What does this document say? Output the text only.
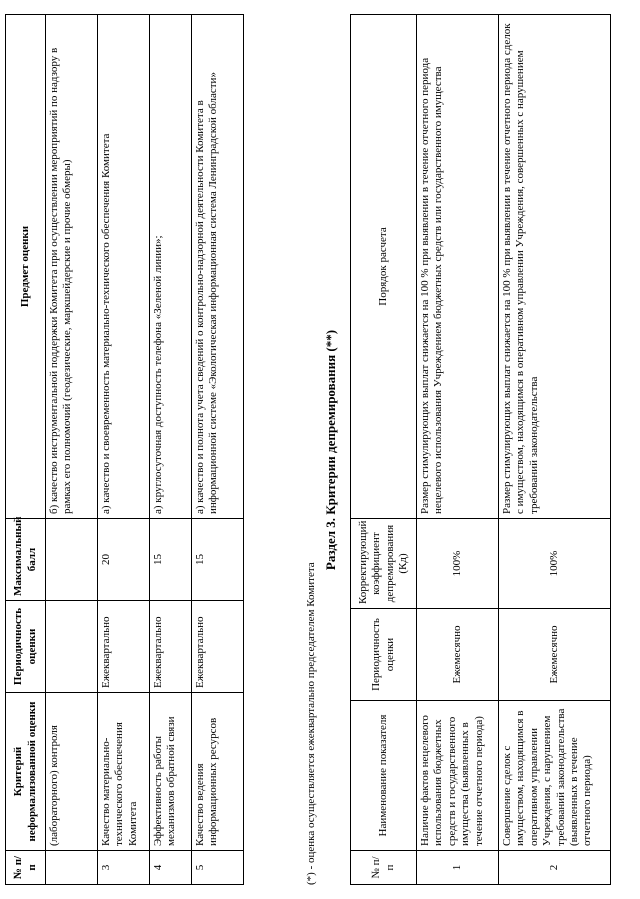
№ п/п	Критерий неформализованной оценки	Периодичность оценки	Максимальный балл	Предмет оценки
	(лабораторного) контроля			б) качество инструментальной поддержки Комитета при осуществлении мероприятий по надзору в рамках его полномочий (геодезические, маркшейдерские и прочие обмеры)
3	Качество материально-технического обеспечения Комитета	Ежеквартально	20	а) качество и своевременность материально-технического обеспечения Комитета
4	Эффективность работы механизмов обратной связи	Ежеквартально	15	а) круглосуточная доступность телефона «Зеленой линии»;
5	Качество ведения информационных ресурсов	Ежеквартально	15	а) качество и полнота учета сведений о контрольно-надзорной деятельности Комитета в информационной системе «Экологическая информационная система Ленинградской области»
(*) - оценка осуществляется ежеквартально председателем Комитета
Раздел 3. Критерии депремирования (**)
№ п/п	Наименование показателя	Периодичность оценки	Корректирующий коэффициент депремирования (Кд)	Порядок расчета
1	Наличие фактов нецелевого использования бюджетных средств и государственного имущества (выявленных в течение отчетного периода)	Ежемесячно	100%	Размер стимулирующих выплат снижается на 100 % при выявлении в течение отчетного периода нецелевого использования Учреждением бюджетных средств или государственного имущества
2	Совершение сделок с имуществом, находящимся в оперативном управлении Учреждения, с нарушением требований законодательства (выявленных в течение отчетного периода)	Ежемесячно	100%	Размер стимулирующих выплат снижается на 100 % при выявлении в течение отчетного периода сделок с имуществом, находящимся в оперативном управлении Учреждения, совершенных с нарушением требований законодательства
